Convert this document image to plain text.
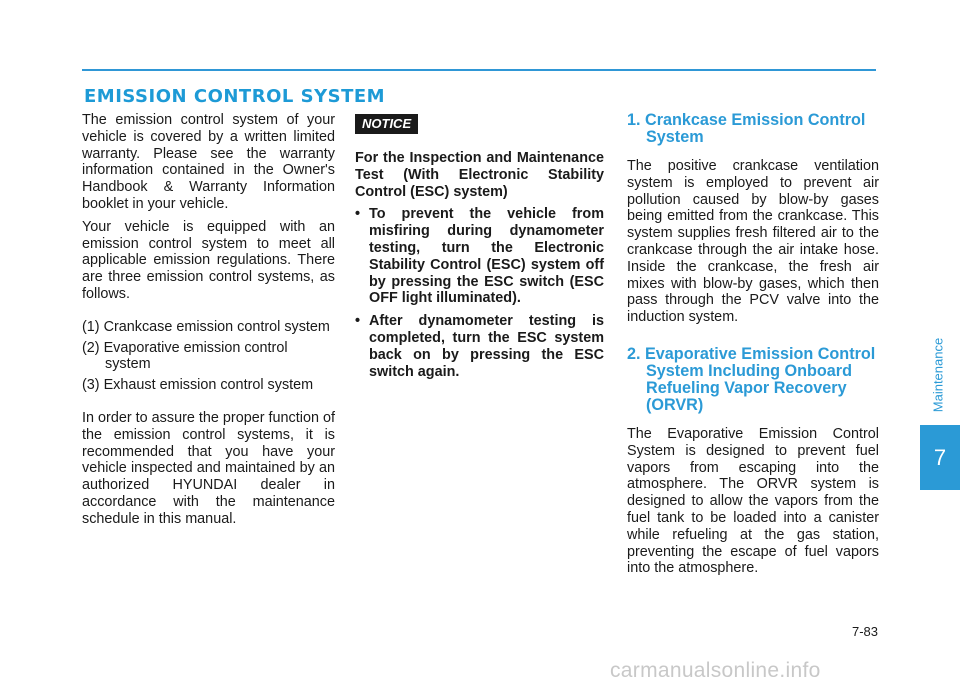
EMISSION CONTROL SYSTEM

The emission control system of your vehicle is covered by a written limited warranty. Please see the warranty information contained in the Owner's Handbook & Warranty Information booklet in your vehicle.

Your vehicle is equipped with an emission control system to meet all applicable emission regulations. There are three emission control systems, as follows.

(1) Crankcase emission control system
(2) Evaporative emission control system
(3) Exhaust emission control system

In order to assure the proper function of the emission control systems, it is recommended that you have your vehicle inspected and maintained by an authorized HYUNDAI dealer in accordance with the maintenance schedule in this manual.

NOTICE

For the Inspection and Maintenance Test (With Electronic Stability Control (ESC) system)

• To prevent the vehicle from misfiring during dynamometer testing, turn the Electronic Stability Control (ESC) system off by pressing the ESC switch (ESC OFF light illuminated).
• After dynamometer testing is completed, turn the ESC system back on by pressing the ESC switch again.
1. Crankcase Emission Control System

The positive crankcase ventilation system is employed to prevent air pollution caused by blow-by gases being emitted from the crankcase. This system supplies fresh filtered air to the crankcase through the air intake hose. Inside the crankcase, the fresh air mixes with blow-by gases, which then pass through the PCV valve into the induction system.

2. Evaporative Emission Control System Including Onboard Refueling Vapor Recovery (ORVR)

The Evaporative Emission Control System is designed to prevent fuel vapors from escaping into the atmosphere. The ORVR system is designed to allow the vapors from the fuel tank to be loaded into a canister while refueling at the gas station, preventing the escape of fuel vapors into the atmosphere.

Maintenance
7
7-83
carmanualsonline.info
